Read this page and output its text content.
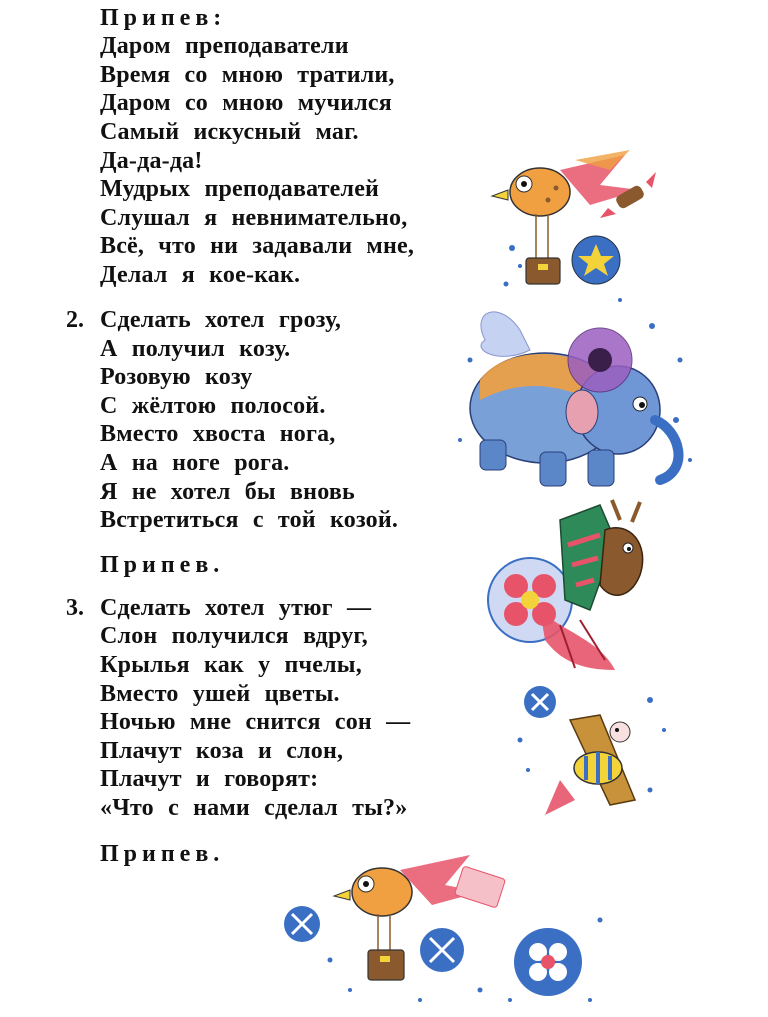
Припев:
Даром преподаватели
Время со мною тратили,
Даром со мною мучился
Самый искусный маг.
Да-да-да!
Мудрых преподавателей
Слушал я невнимательно,
Всё, что ни задавали мне,
Делал я кое-как.
2. Сделать хотел грозу,
А получил козу.
Розовую козу
С жёлтою полосой.
Вместо хвоста нога,
А на ноге рога.
Я не хотел бы вновь
Встретиться с той козой.
Припев.
3. Сделать хотел утюг —
Слон получился вдруг,
Крылья как у пчелы,
Вместо ушей цветы.
Ночью мне снится сон —
Плачут коза и слон,
Плачут и говорят:
«Что с нами сделал ты?»
Припев.
